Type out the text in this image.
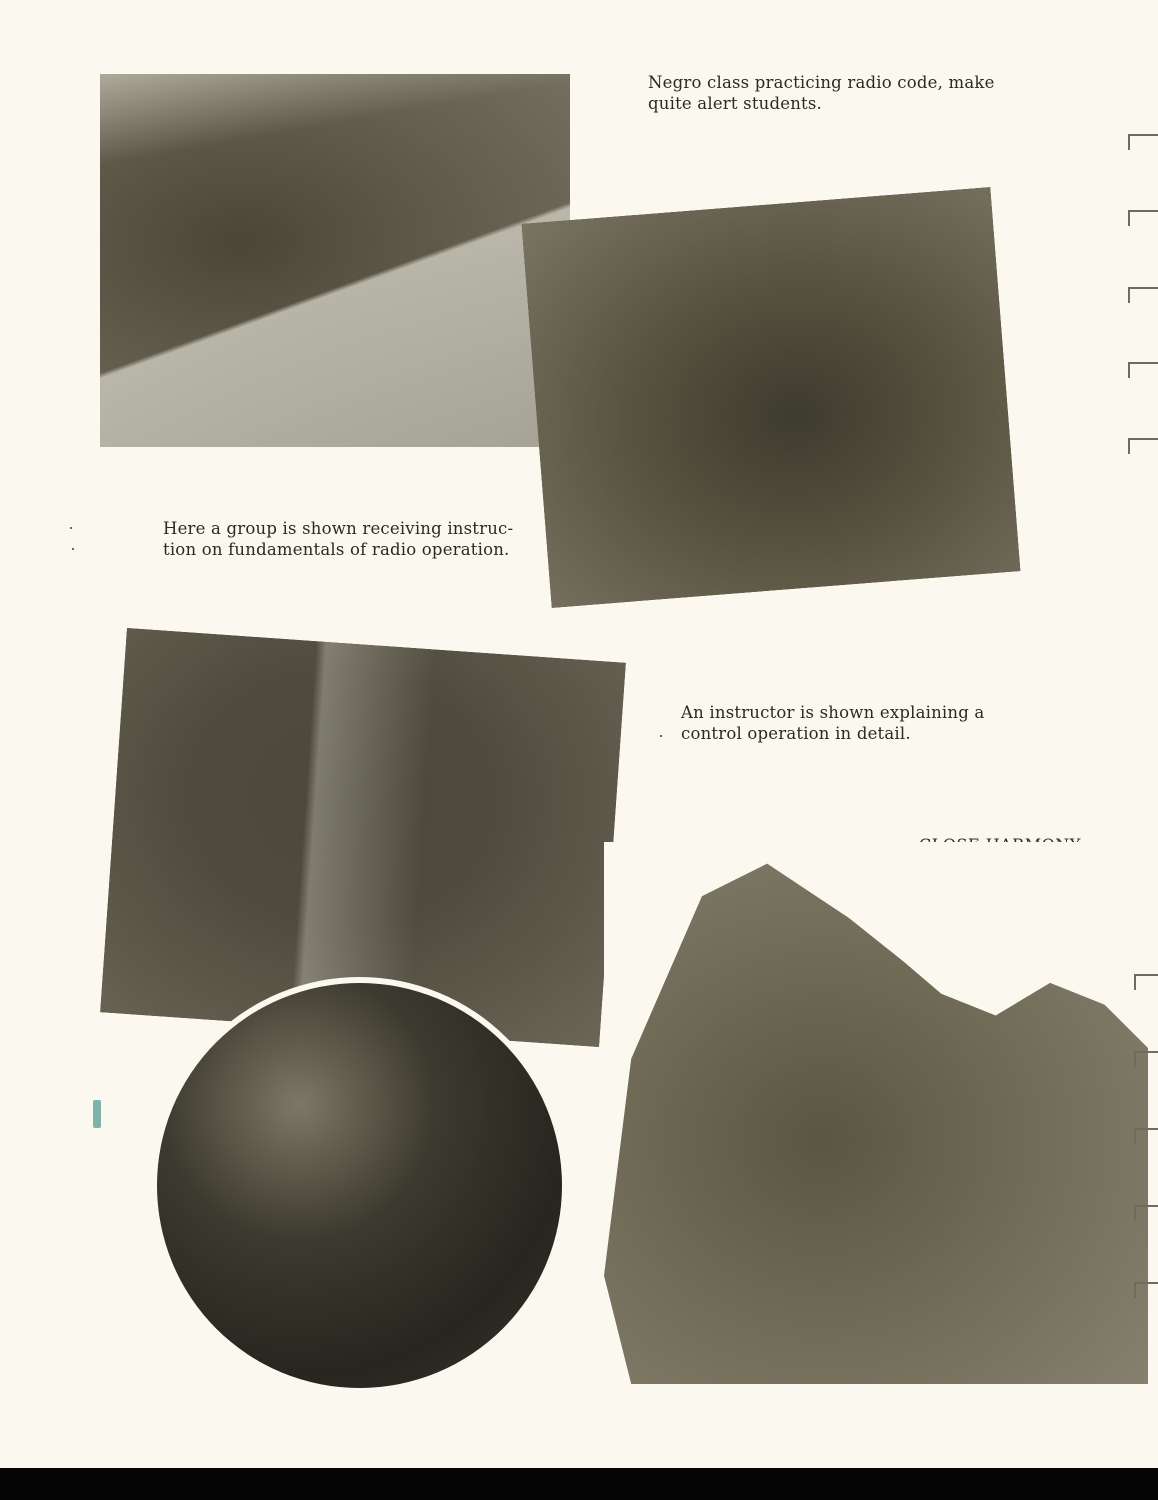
Negro class practicing radio code, make
quite alert students.

Here a group is shown receiving instruc-
tion on fundamentals of radio operation.

An instructor is shown explaining a
control operation in detail.
